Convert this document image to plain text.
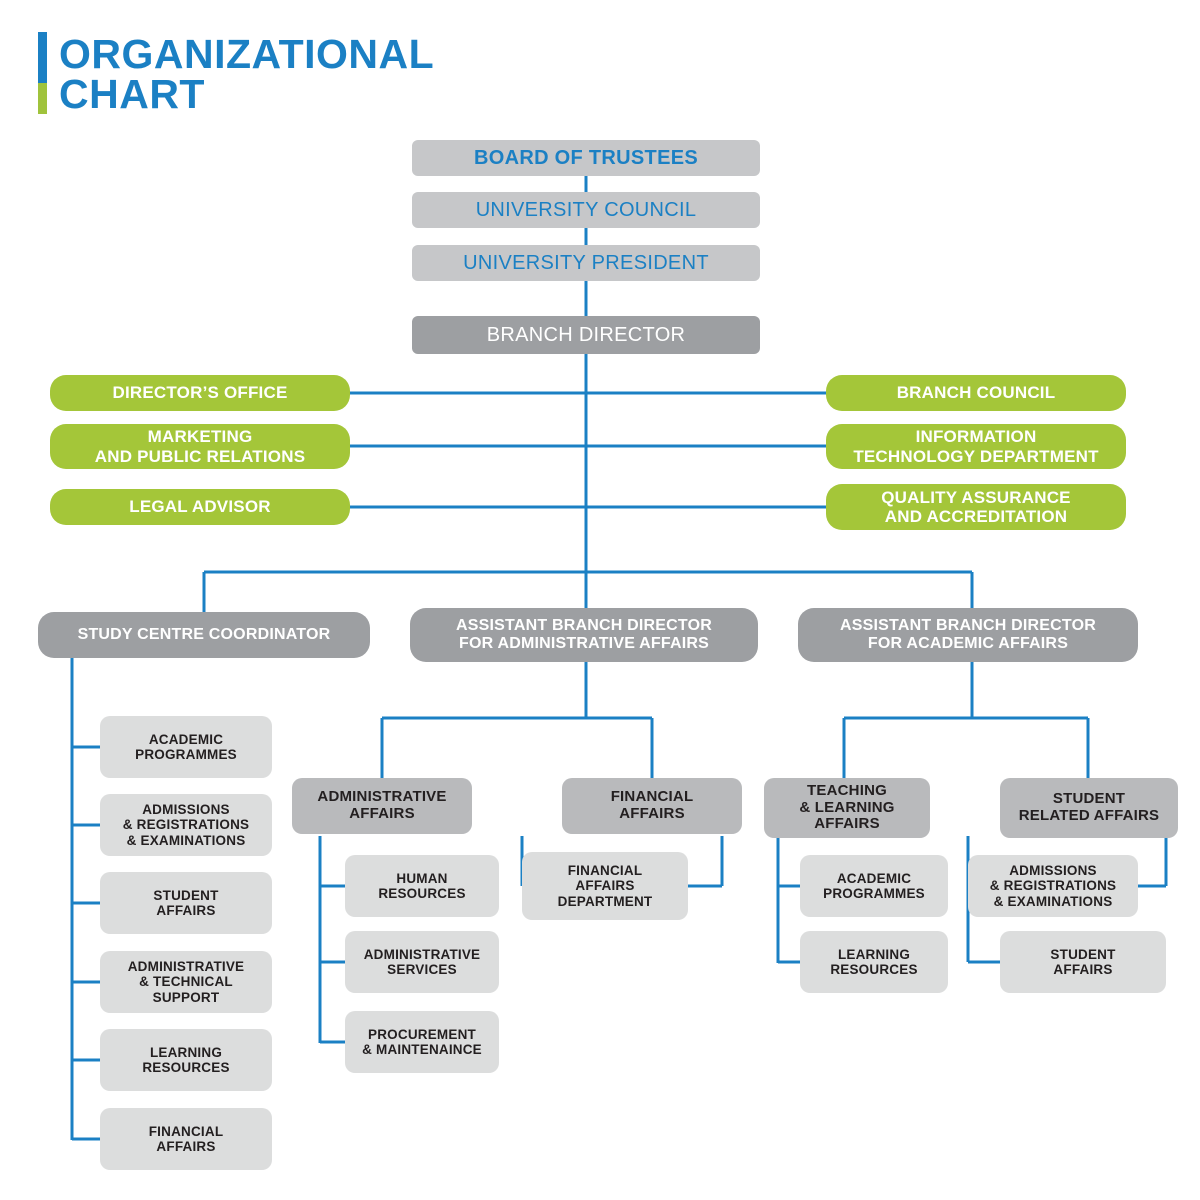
ORGANIZATIONAL
CHART
BOARD OF TRUSTEES
UNIVERSITY COUNCIL
UNIVERSITY PRESIDENT
BRANCH DIRECTOR
DIRECTOR’S OFFICE
MARKETING
AND PUBLIC RELATIONS
LEGAL ADVISOR
BRANCH COUNCIL
INFORMATION
TECHNOLOGY DEPARTMENT
QUALITY ASSURANCE
AND ACCREDITATION
STUDY CENTRE COORDINATOR
ASSISTANT BRANCH DIRECTOR
FOR ADMINISTRATIVE AFFAIRS
ASSISTANT BRANCH DIRECTOR
FOR ACADEMIC AFFAIRS
ADMINISTRATIVE
AFFAIRS
FINANCIAL
AFFAIRS
TEACHING
& LEARNING
AFFAIRS
STUDENT
RELATED AFFAIRS
ACADEMIC
PROGRAMMES
ADMISSIONS
& REGISTRATIONS
& EXAMINATIONS
STUDENT
AFFAIRS
ADMINISTRATIVE
& TECHNICAL
SUPPORT
LEARNING
RESOURCES
FINANCIAL
AFFAIRS
HUMAN
RESOURCES
ADMINISTRATIVE
SERVICES
PROCUREMENT
& MAINTENAINCE
FINANCIAL
AFFAIRS
DEPARTMENT
ACADEMIC
PROGRAMMES
LEARNING
RESOURCES
ADMISSIONS
& REGISTRATIONS
& EXAMINATIONS
STUDENT
AFFAIRS
